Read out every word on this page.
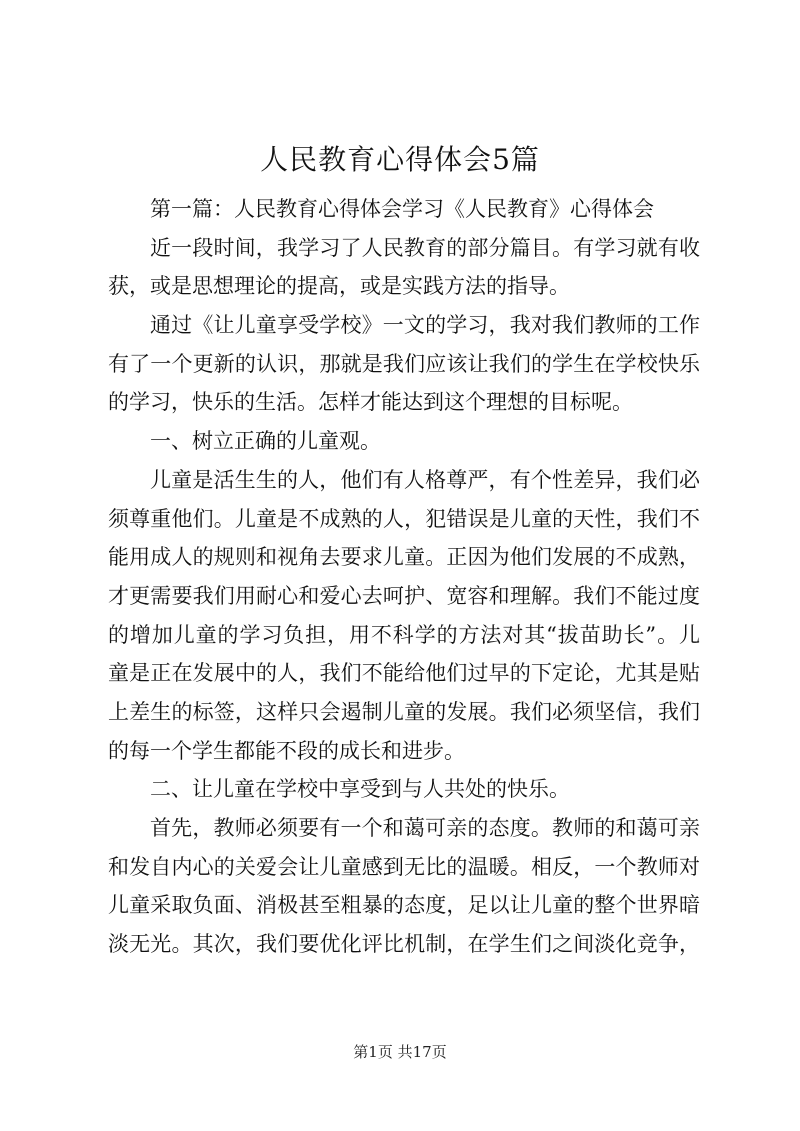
人民教育心得体会5篇
第一篇：人民教育心得体会学习《人民教育》心得体会
近一段时间，我学习了人民教育的部分篇目。有学习就有收
获，或是思想理论的提高，或是实践方法的指导。
通过《让儿童享受学校》一文的学习，我对我们教师的工作
有了一个更新的认识，那就是我们应该让我们的学生在学校快乐
的学习，快乐的生活。怎样才能达到这个理想的目标呢。
一、树立正确的儿童观。
儿童是活生生的人，他们有人格尊严，有个性差异，我们必
须尊重他们。儿童是不成熟的人，犯错误是儿童的天性，我们不
能用成人的规则和视角去要求儿童。正因为他们发展的不成熟，
才更需要我们用耐心和爱心去呵护、宽容和理解。我们不能过度
的增加儿童的学习负担，用不科学的方法对其“拔苗助长”。儿
童是正在发展中的人，我们不能给他们过早的下定论，尤其是贴
上差生的标签，这样只会遏制儿童的发展。我们必须坚信，我们
的每一个学生都能不段的成长和进步。
二、让儿童在学校中享受到与人共处的快乐。
首先，教师必须要有一个和蔼可亲的态度。教师的和蔼可亲
和发自内心的关爱会让儿童感到无比的温暖。相反，一个教师对
儿童采取负面、消极甚至粗暴的态度，足以让儿童的整个世界暗
淡无光。其次，我们要优化评比机制，在学生们之间淡化竞争，
第1页 共17页
